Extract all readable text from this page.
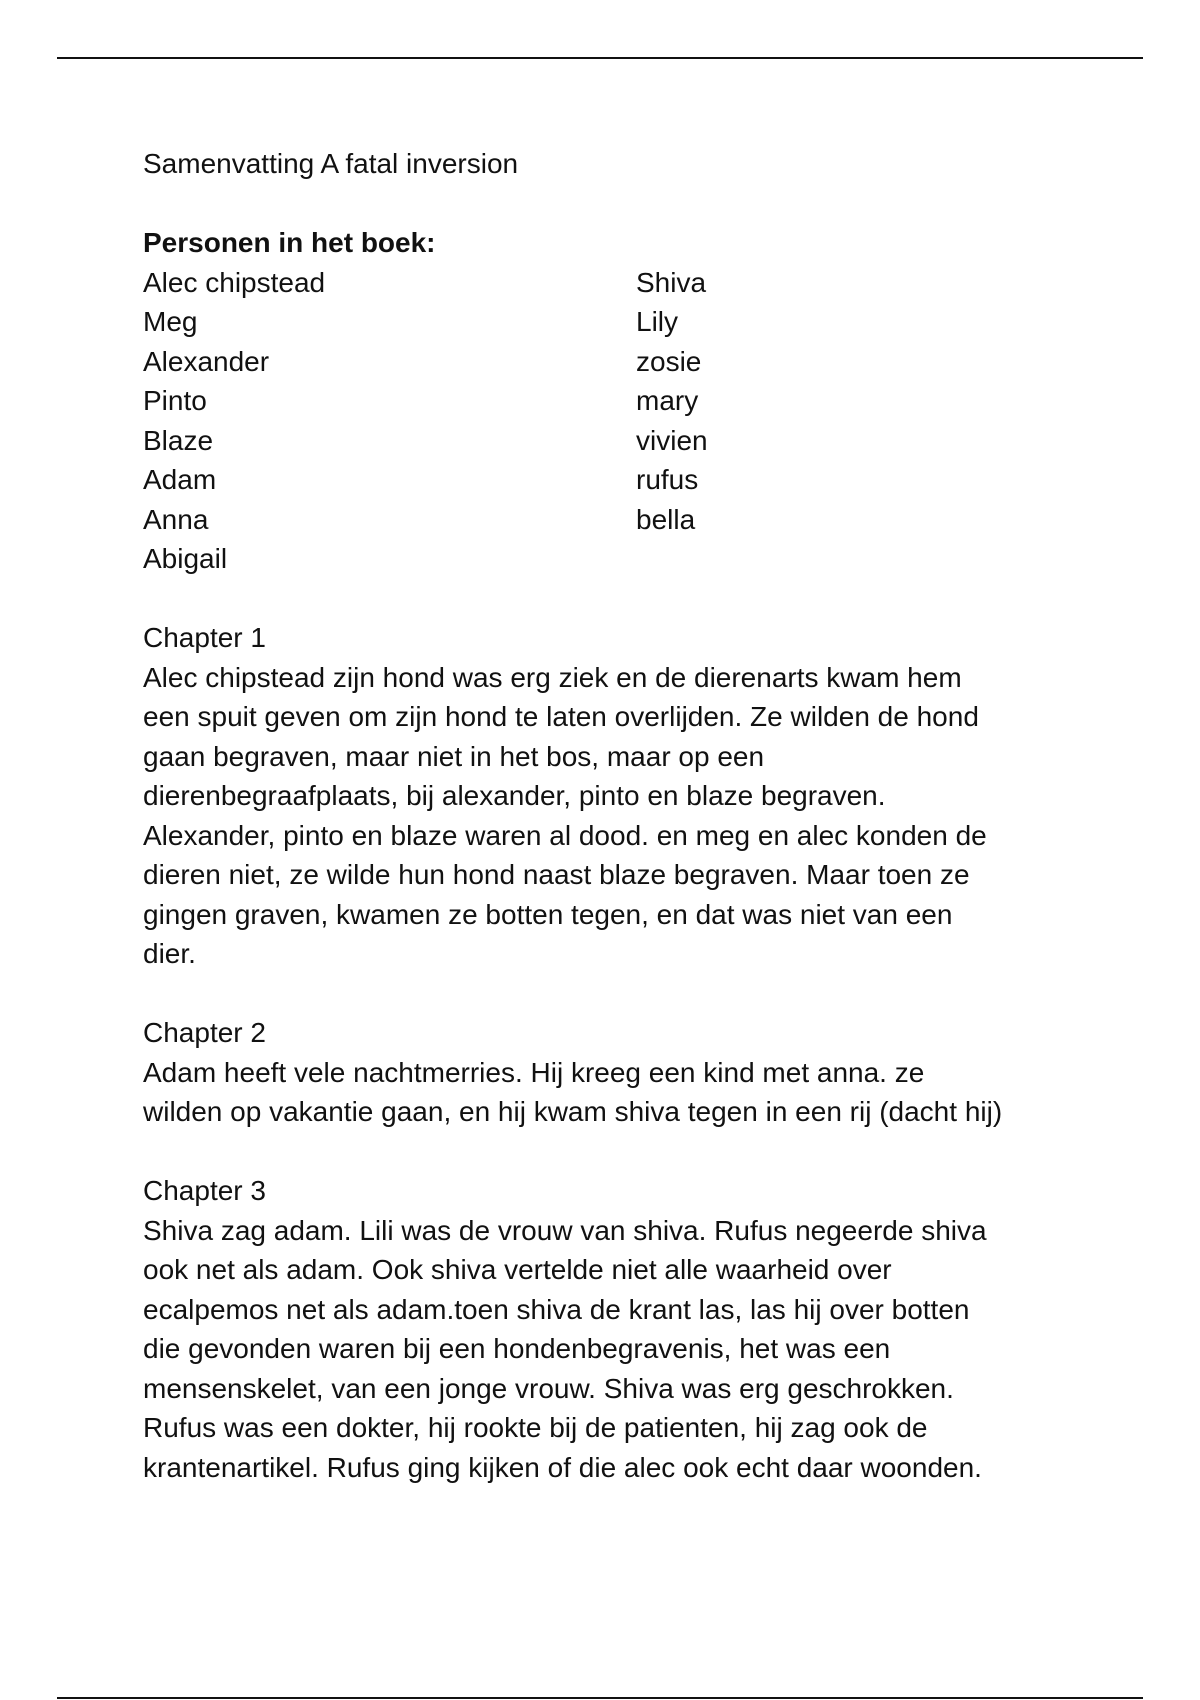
Samenvatting A fatal inversion
Personen in het boek:
Alec chipstead
Meg
Alexander
Pinto
Blaze
Adam
Anna
Abigail
Shiva
Lily
zosie
mary
vivien
rufus
bella
Chapter 1
Alec chipstead zijn hond was erg ziek en de dierenarts kwam hem
een spuit geven om zijn hond te laten overlijden. Ze wilden de hond
gaan begraven, maar niet in het bos, maar op een
dierenbegraafplaats, bij alexander, pinto en blaze begraven.
Alexander, pinto en blaze waren al dood. en meg en alec konden de
dieren niet, ze wilde hun hond naast blaze begraven. Maar toen ze
gingen graven, kwamen ze botten tegen, en dat was niet van een
dier.
Chapter 2
Adam heeft vele nachtmerries. Hij kreeg een kind met anna. ze
wilden op vakantie gaan, en hij kwam shiva tegen in een rij (dacht hij)
Chapter 3
Shiva zag adam. Lili was de vrouw van shiva. Rufus negeerde shiva
ook net als adam. Ook shiva vertelde niet alle waarheid over
ecalpemos net als adam.toen shiva de krant las, las hij over botten
die gevonden waren bij een hondenbegravenis, het was een
mensenskelet, van een jonge vrouw. Shiva was erg geschrokken.
Rufus was een dokter, hij rookte bij de patienten, hij zag ook de
krantenartikel. Rufus ging kijken of die alec ook echt daar woonden.
